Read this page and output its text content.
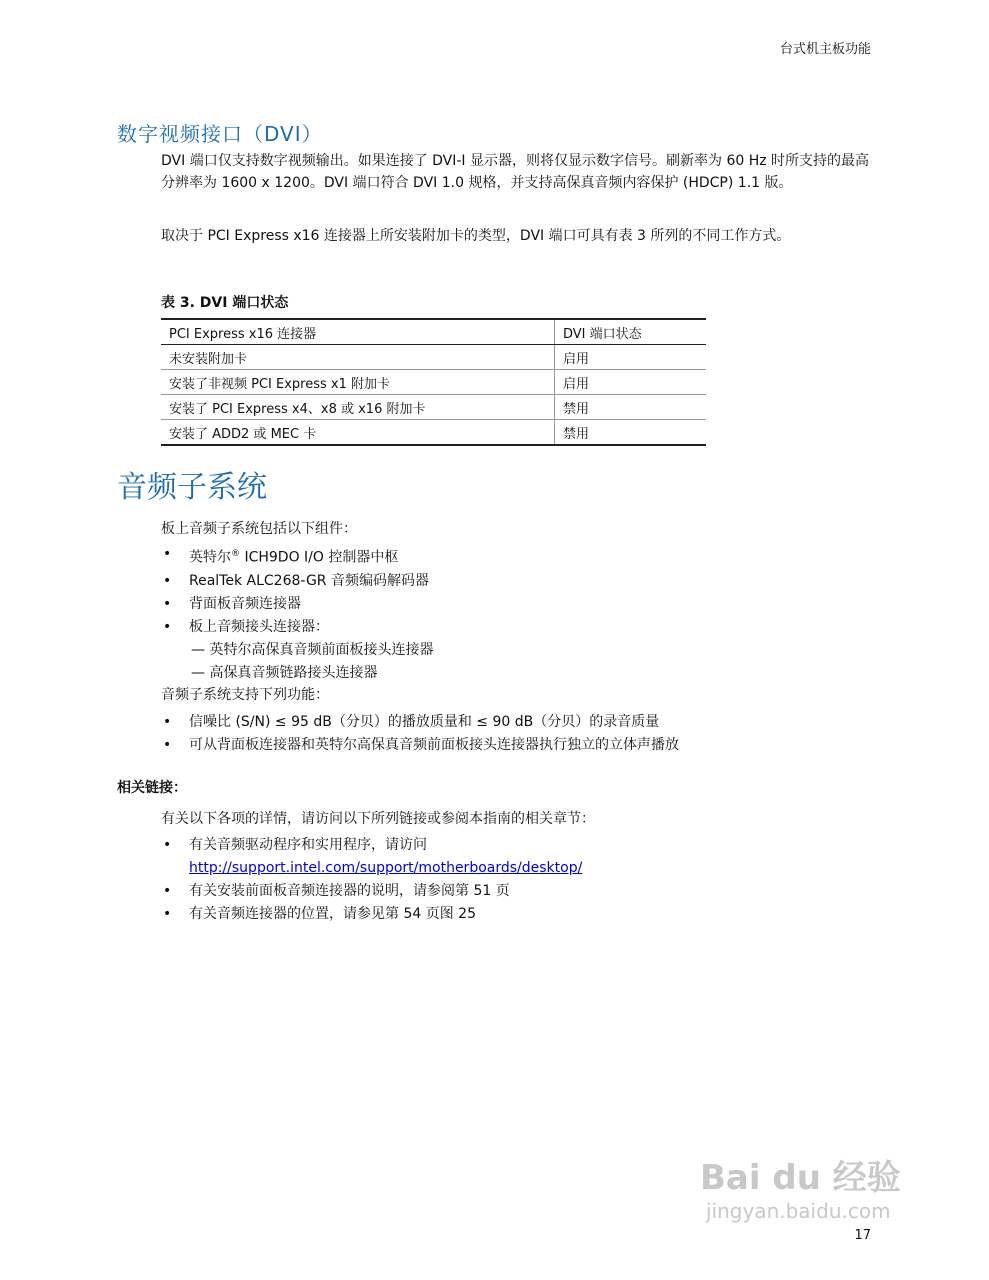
台式机主板功能
数字视频接口（DVI）
DVI 端口仅支持数字视频输出。如果连接了 DVI-I 显示器，则将仅显示数字信号。刷新率为 60 Hz 时所支持的最高分辨率为 1600 x 1200。DVI 端口符合 DVI 1.0 规格，并支持高保真音频内容保护 (HDCP) 1.1 版。
取决于 PCI Express x16 连接器上所安装附加卡的类型，DVI 端口可具有表 3 所列的不同工作方式。
表 3. DVI 端口状态
PCI Express x16 连接器	DVI 端口状态
未安装附加卡	启用
安装了非视频 PCI Express x1 附加卡	启用
安装了 PCI Express x4、x8 或 x16 附加卡	禁用
安装了 ADD2 或 MEC 卡	禁用
音频子系统
板上音频子系统包括以下组件：
• 英特尔® ICH9DO I/O 控制器中枢
• RealTek ALC268-GR 音频编码解码器
• 背面板音频连接器
• 板上音频接头连接器：
— 英特尔高保真音频前面板接头连接器
— 高保真音频链路接头连接器
音频子系统支持下列功能：
• 信噪比 (S/N) ≤ 95 dB（分贝）的播放质量和 ≤ 90 dB（分贝）的录音质量
• 可从背面板连接器和英特尔高保真音频前面板接头连接器执行独立的立体声播放
相关链接：
有关以下各项的详情，请访问以下所列链接或参阅本指南的相关章节：
• 有关音频驱动程序和实用程序，请访问
http://support.intel.com/support/motherboards/desktop/
• 有关安装前面板音频连接器的说明，请参阅第 51 页
• 有关音频连接器的位置，请参见第 54 页图 25
Bai du 经验
jingyan.baidu.com
17
